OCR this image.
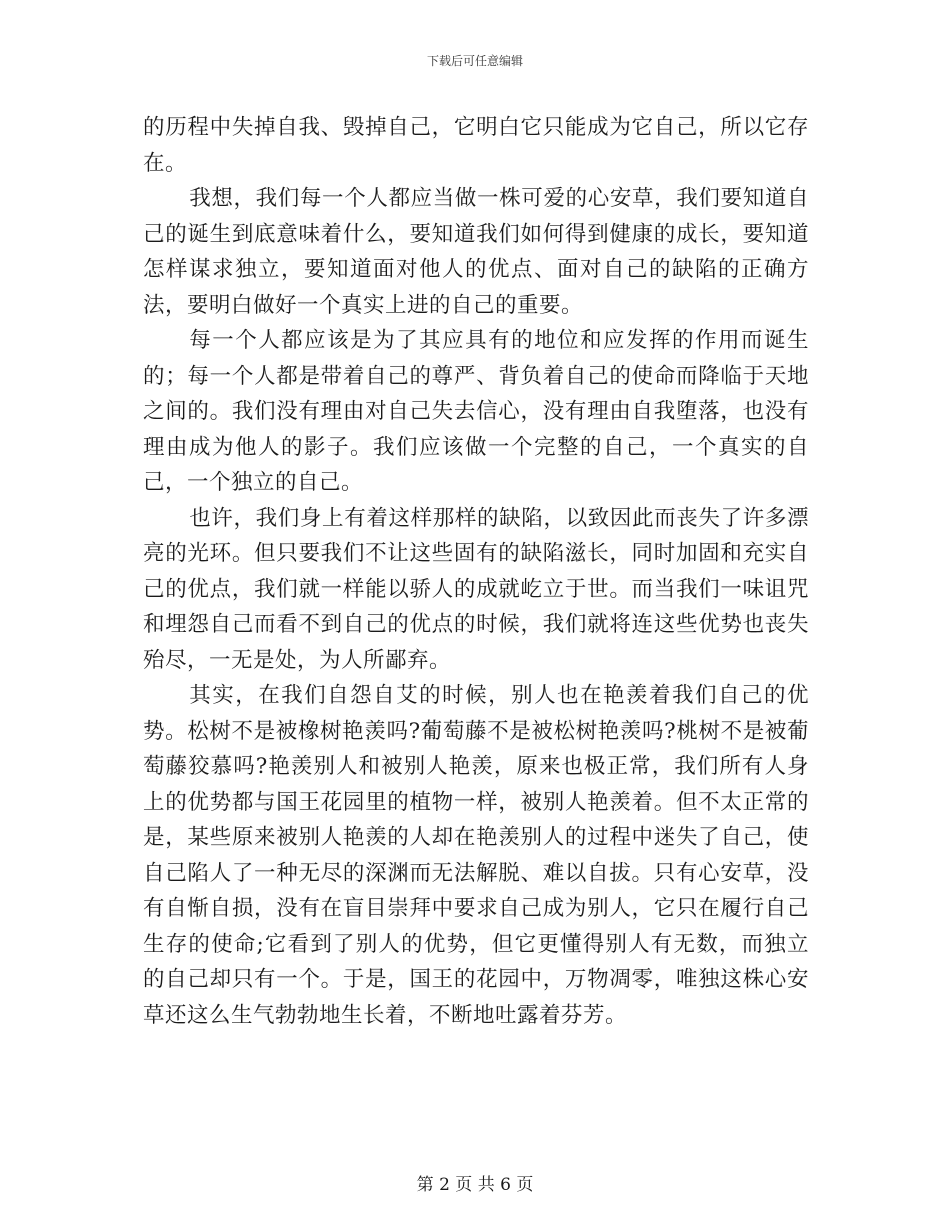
下载后可任意编辑

的历程中失掉自我、毁掉自己，它明白它只能成为它自己，所以它存在。

我想，我们每一个人都应当做一株可爱的心安草，我们要知道自己的诞生到底意味着什么，要知道我们如何得到健康的成长，要知道怎样谋求独立，要知道面对他人的优点、面对自己的缺陷的正确方法，要明白做好一个真实上进的自己的重要。

每一个人都应该是为了其应具有的地位和应发挥的作用而诞生的；每一个人都是带着自己的尊严、背负着自己的使命而降临于天地之间的。我们没有理由对自己失去信心，没有理由自我堕落，也没有理由成为他人的影子。我们应该做一个完整的自己，一个真实的自己，一个独立的自己。

也许，我们身上有着这样那样的缺陷，以致因此而丧失了许多漂亮的光环。但只要我们不让这些固有的缺陷滋长，同时加固和充实自己的优点，我们就一样能以骄人的成就屹立于世。而当我们一味诅咒和埋怨自己而看不到自己的优点的时候，我们就将连这些优势也丧失殆尽，一无是处，为人所鄙弃。

其实，在我们自怨自艾的时候，别人也在艳羡着我们自己的优势。松树不是被橡树艳羡吗?葡萄藤不是被松树艳羡吗?桃树不是被葡萄藤狡慕吗?艳羡别人和被别人艳羡，原来也极正常，我们所有人身上的优势都与国王花园里的植物一样，被别人艳羡着。但不太正常的是，某些原来被别人艳羡的人却在艳羡别人的过程中迷失了自己，使自己陷人了一种无尽的深渊而无法解脱、难以自拔。只有心安草，没有自惭自损，没有在盲目崇拜中要求自己成为别人，它只在履行自己生存的使命;它看到了别人的优势，但它更懂得别人有无数，而独立的自己却只有一个。于是，国王的花园中，万物凋零，唯独这株心安草还这么生气勃勃地生长着，不断地吐露着芬芳。

第 2 页 共 6 页
